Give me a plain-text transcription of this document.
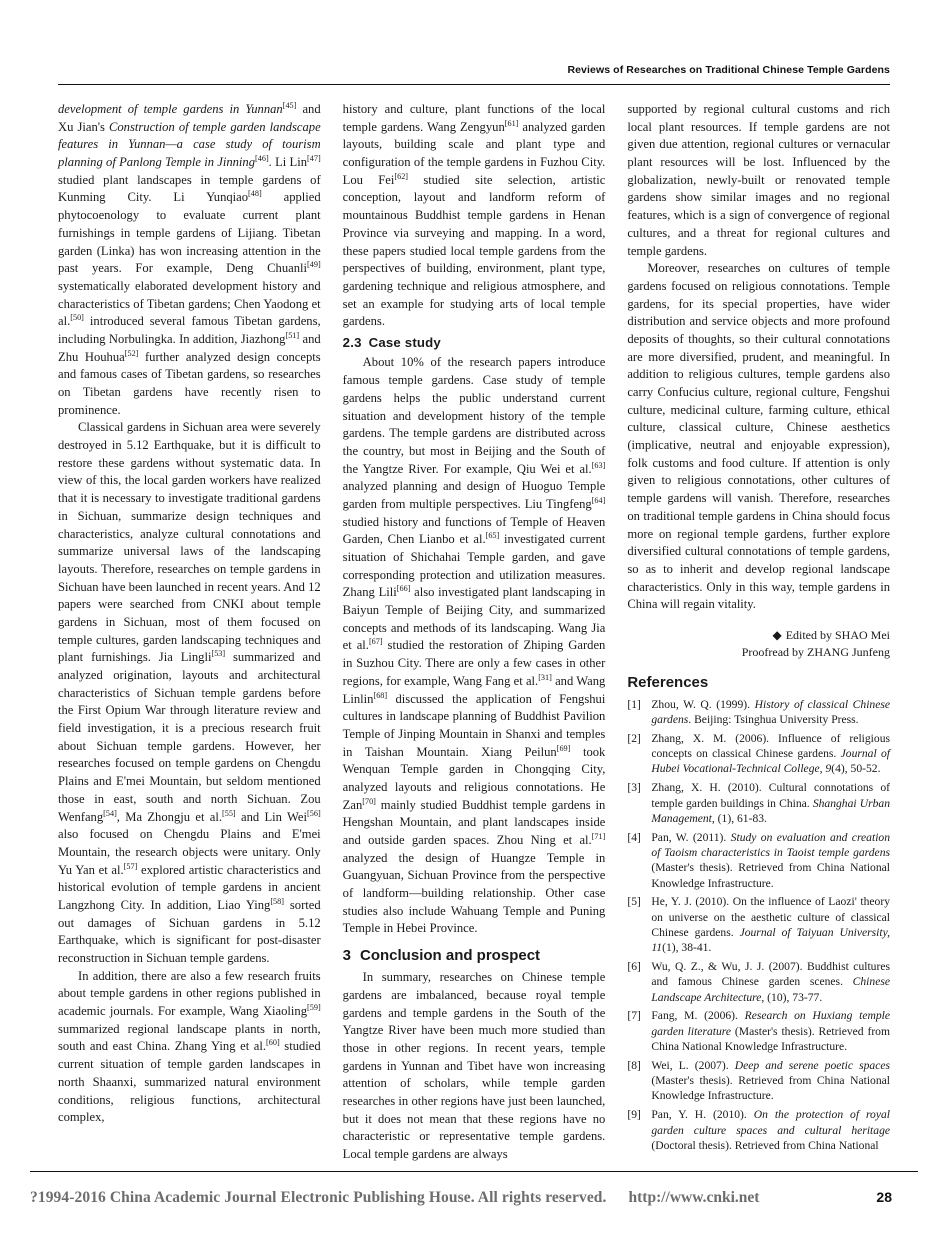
Reviews of Researches on Traditional Chinese Temple Gardens

development of temple gardens in Yunnan[45] and Xu Jian's Construction of temple garden landscape features in Yunnan—a case study of tourism planning of Panlong Temple in Jinning[46]. Li Lin[47] studied plant landscapes in temple gardens of Kunming City. Li Yunqiao[48] applied phytocoenology to evaluate current plant furnishings in temple gardens of Lijiang. Tibetan garden (Linka) has won increasing attention in the past years. For example, Deng Chuanli[49] systematically elaborated development history and characteristics of Tibetan gardens; Chen Yaodong et al.[50] introduced several famous Tibetan gardens, including Norbulingka. In addition, Jiazhong[51] and Zhu Houhua[52] further analyzed design concepts and famous cases of Tibetan gardens, so researches on Tibetan gardens have recently risen to prominence.

Classical gardens in Sichuan area were severely destroyed in 5.12 Earthquake, but it is difficult to restore these gardens without systematic data. In view of this, the local garden workers have realized that it is necessary to investigate traditional gardens in Sichuan, summarize design techniques and characteristics, analyze cultural connotations and summarize universal laws of the landscaping layouts. Therefore, researches on temple gardens in Sichuan have been launched in recent years. And 12 papers were searched from CNKI about temple gardens in Sichuan, most of them focused on temple cultures, garden landscaping techniques and plant furnishings. Jia Lingli[53] summarized and analyzed origination, layouts and architectural characteristics of Sichuan temple gardens before the First Opium War through literature review and field investigation, it is a precious research fruit about Sichuan temple gardens. However, her researches focused on temple gardens on Chengdu Plains and E'mei Mountain, but seldom mentioned those in east, south and north Sichuan. Zou Wenfang[54], Ma Zhongju et al.[55] and Lin Wei[56] also focused on Chengdu Plains and E'mei Mountain, the research objects were unitary. Only Yu Yan et al.[57] explored artistic characteristics and historical evolution of temple gardens in ancient Langzhong City. In addition, Liao Ying[58] sorted out damages of Sichuan gardens in 5.12 Earthquake, which is significant for post-disaster reconstruction in Sichuan temple gardens.

In addition, there are also a few research fruits about temple gardens in other regions published in academic journals. For example, Wang Xiaoling[59] summarized regional landscape plants in north, south and east China. Zhang Ying et al.[60] studied current situation of temple garden landscapes in north Shaanxi, summarized natural environment conditions, religious functions, architectural complex,

history and culture, plant functions of the local temple gardens. Wang Zengyun[61] analyzed garden layouts, building scale and plant type and configuration of the temple gardens in Fuzhou City. Lou Fei[62] studied site selection, artistic conception, layout and landform reform of mountainous Buddhist temple gardens in Henan Province via surveying and mapping. In a word, these papers studied local temple gardens from the perspectives of building, environment, plant type, gardening technique and religious atmosphere, and set an example for studying arts of local temple gardens.

2.3 Case study

About 10% of the research papers introduce famous temple gardens. Case study of temple gardens helps the public understand current situation and development history of the temple gardens. The temple gardens are distributed across the country, but most in Beijing and the South of the Yangtze River. For example, Qiu Wei et al.[63] analyzed planning and design of Huoguo Temple garden from multiple perspectives. Liu Tingfeng[64] studied history and functions of Temple of Heaven Garden, Chen Lianbo et al.[65] investigated current situation of Shichahai Temple garden, and gave corresponding protection and utilization measures. Zhang Lili[66] also investigated plant landscaping in Baiyun Temple of Beijing City, and summarized concepts and methods of its landscaping. Wang Jia et al.[67] studied the restoration of Zhiping Garden in Suzhou City. There are only a few cases in other regions, for example, Wang Fang et al.[31] and Wang Linlin[68] discussed the application of Fengshui cultures in landscape planning of Buddhist Pavilion Temple of Jinping Mountain in Shanxi and temples in Taishan Mountain. Xiang Peilun[69] took Wenquan Temple garden in Chongqing City, analyzed layouts and religious connotations. He Zan[70] mainly studied Buddhist temple gardens in Hengshan Mountain, and plant landscapes inside and outside garden spaces. Zhou Ning et al.[71] analyzed the design of Huangze Temple in Guangyuan, Sichuan Province from the perspective of landform—building relationship. Other case studies also include Wahuang Temple and Puning Temple in Hebei Province.

3 Conclusion and prospect

In summary, researches on Chinese temple gardens are imbalanced, because royal temple gardens and temple gardens in the South of the Yangtze River have been much more studied than those in other regions. In recent years, temple gardens in Yunnan and Tibet have won increasing attention of scholars, while temple garden researches in other regions have just been launched, but it does not mean that these regions have no characteristic or representative temple gardens. Local temple gardens are always

supported by regional cultural customs and rich local plant resources. If temple gardens are not given due attention, regional cultures or vernacular plant resources will be lost. Influenced by the globalization, newly-built or renovated temple gardens show similar images and no regional features, which is a sign of convergence of regional cultures, and a threat for regional cultures and temple gardens.

Moreover, researches on cultures of temple gardens focused on religious connotations. Temple gardens, for its special properties, have wider distribution and service objects and more profound deposits of thoughts, so their cultural connotations are more diversified, prudent, and meaningful. In addition to religious cultures, temple gardens also carry Confucius culture, regional culture, Fengshui culture, medicinal culture, farming culture, ethical culture, classical culture, Chinese aesthetics (implicative, neutral and enjoyable expression), folk customs and food culture. If attention is only given to religious connotations, other cultures of temple gardens will vanish. Therefore, researches on traditional temple gardens in China should focus more on regional temple gardens, further explore diversified cultural connotations of temple gardens, so as to inherit and develop regional landscape characteristics. Only in this way, temple gardens in China will regain vitality.

◆ Edited by SHAO Mei
Proofread by ZHANG Junfeng
References
[1] Zhou, W. Q. (1999). History of classical Chinese gardens. Beijing: Tsinghua University Press.
[2] Zhang, X. M. (2006). Influence of religious concepts on classical Chinese gardens. Journal of Hubei Vocational-Technical College, 9(4), 50-52.
[3] Zhang, X. H. (2010). Cultural connotations of temple garden buildings in China. Shanghai Urban Management, (1), 61-83.
[4] Pan, W. (2011). Study on evaluation and creation of Taoism characteristics in Taoist temple gardens (Master's thesis). Retrieved from China National Knowledge Infrastructure.
[5] He, Y. J. (2010). On the influence of Laozi' theory on universe on the aesthetic culture of classical Chinese gardens. Journal of Taiyuan University, 11(1), 38-41.
[6] Wu, Q. Z., & Wu, J. J. (2007). Buddhist cultures and famous Chinese garden scenes. Chinese Landscape Architecture, (10), 73-77.
[7] Fang, M. (2006). Research on Huxiang temple garden literature (Master's thesis). Retrieved from China National Knowledge Infrastructure.
[8] Wei, L. (2007). Deep and serene poetic spaces (Master's thesis). Retrieved from China National Knowledge Infrastructure.
[9] Pan, Y. H. (2010). On the protection of royal garden culture spaces and cultural heritage (Doctoral thesis). Retrieved from China National
?1994-2016 China Academic Journal Electronic Publishing House. All rights reserved. http://www.cnki.net	28
